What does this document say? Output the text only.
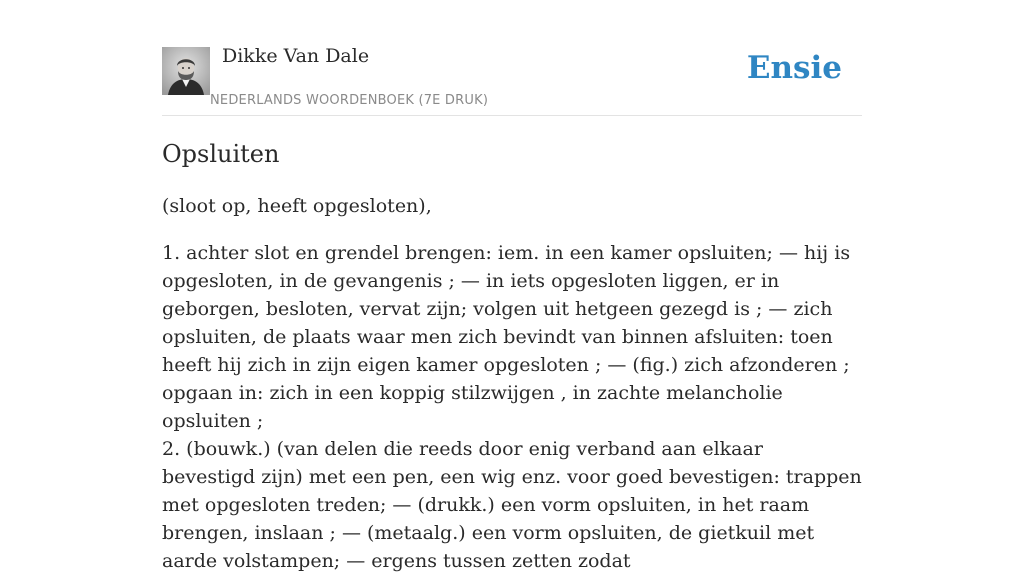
Dikke Van Dale
NEDERLANDS WOORDENBOEK (7E DRUK)
Ensie
Opsluiten

(sloot op, heeft opgesloten),

1. achter slot en grendel brengen: iem. in een kamer opsluiten; — hij is opgesloten, in de gevangenis ; — in iets opgesloten liggen, er in geborgen, besloten, vervat zijn; volgen uit hetgeen gezegd is ; — zich opsluiten, de plaats waar men zich bevindt van binnen afsluiten: toen heeft hij zich in zijn eigen kamer opgesloten ; — (fig.) zich afzonderen ; opgaan in: zich in een koppig stilzwijgen , in zachte melancholie opsluiten ;

2. (bouwk.) (van delen die reeds door enig verband aan elkaar bevestigd zijn) met een pen, een wig enz. voor goed bevestigen: trappen met opgesloten treden; — (drukk.) een vorm opsluiten, in het raam brengen, inslaan ; — (metaalg.) een vorm opsluiten, de gietkuil met aarde volstampen; — ergens tussen zetten zodat
